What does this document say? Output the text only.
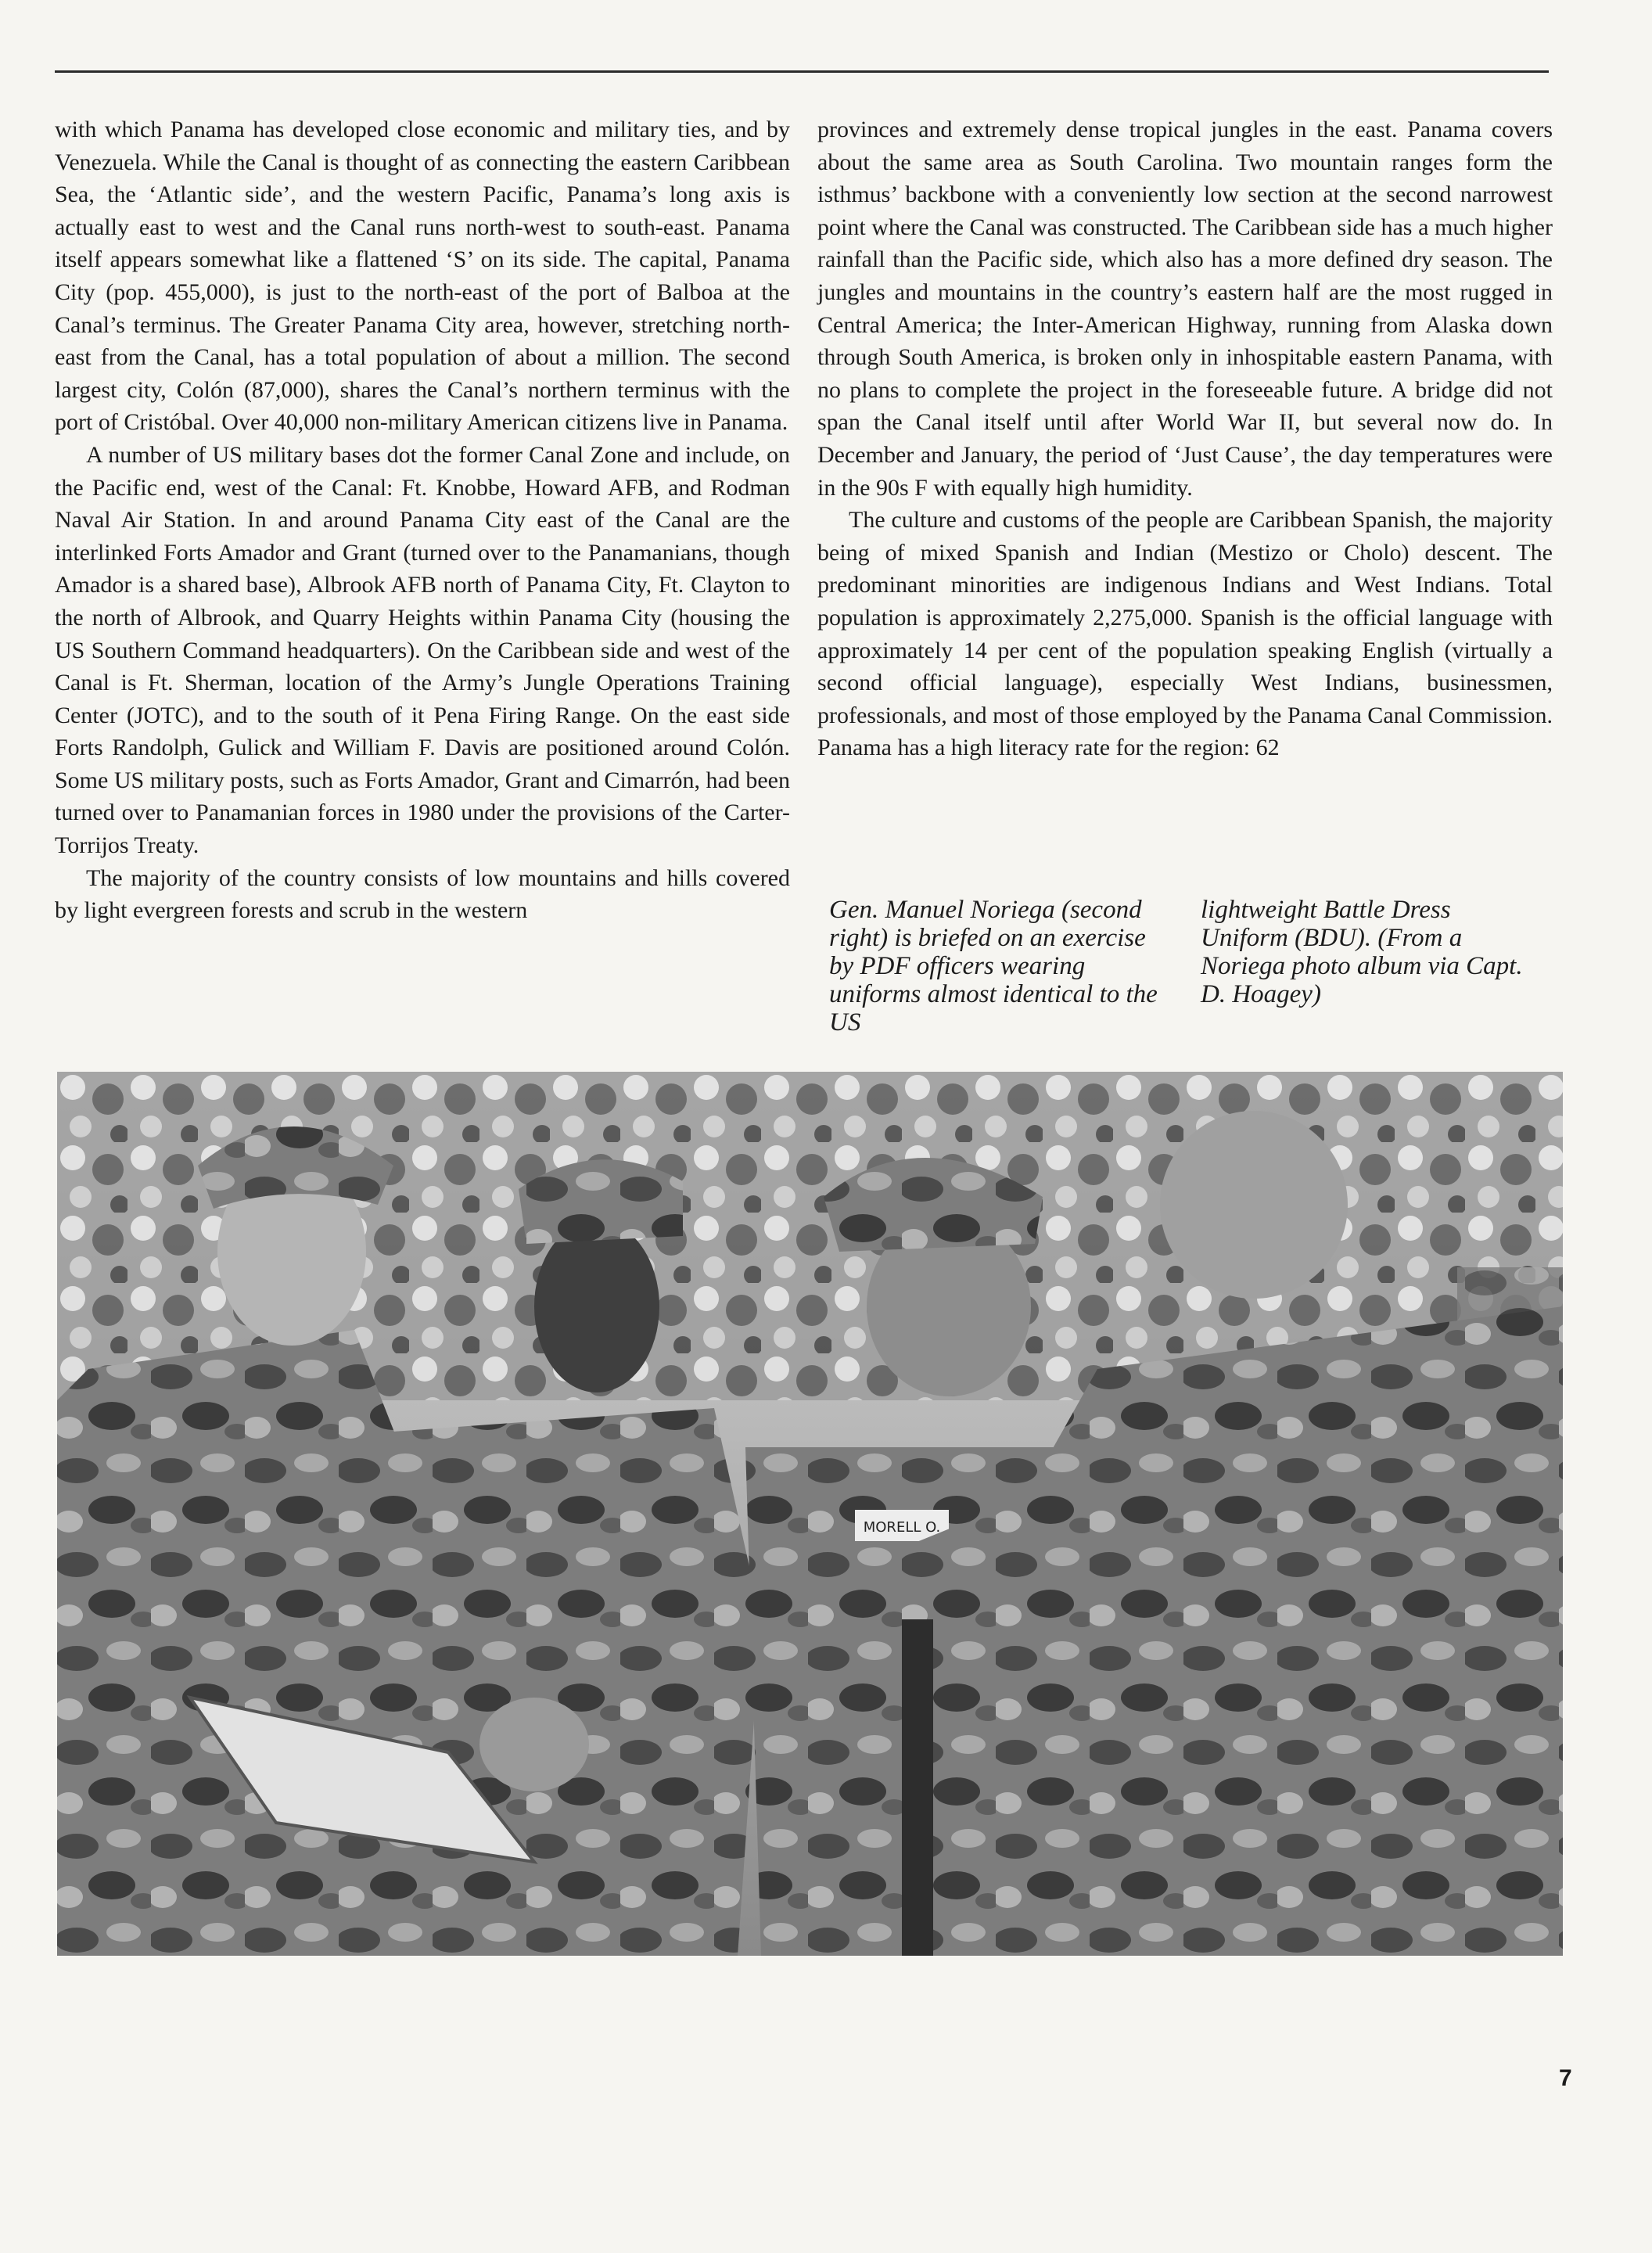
with which Panama has developed close economic and military ties, and by Venezuela. While the Canal is thought of as connecting the eastern Caribbean Sea, the ‘Atlantic side’, and the western Pacific, Panama’s long axis is actually east to west and the Canal runs north-west to south-east. Panama itself appears somewhat like a flattened ‘S’ on its side. The capital, Panama City (pop. 455,000), is just to the north-east of the port of Balboa at the Canal’s terminus. The Greater Panama City area, however, stretching north-east from the Canal, has a total population of about a million. The second largest city, Colón (87,000), shares the Canal’s northern terminus with the port of Cristóbal. Over 40,000 non-military American citizens live in Panama.

A number of US military bases dot the former Canal Zone and include, on the Pacific end, west of the Canal: Ft. Knobbe, Howard AFB, and Rodman Naval Air Station. In and around Panama City east of the Canal are the interlinked Forts Amador and Grant (turned over to the Panamanians, though Amador is a shared base), Albrook AFB north of Panama City, Ft. Clayton to the north of Albrook, and Quarry Heights within Panama City (housing the US Southern Command headquarters). On the Caribbean side and west of the Canal is Ft. Sherman, location of the Army’s Jungle Operations Training Center (JOTC), and to the south of it Pena Firing Range. On the east side Forts Randolph, Gulick and William F. Davis are positioned around Colón. Some US military posts, such as Forts Amador, Grant and Cimarrón, had been turned over to Panamanian forces in 1980 under the provisions of the Carter-Torrijos Treaty.

The majority of the country consists of low mountains and hills covered by light evergreen forests and scrub in the western

provinces and extremely dense tropical jungles in the east. Panama covers about the same area as South Carolina. Two mountain ranges form the isthmus’ backbone with a conveniently low section at the second narrowest point where the Canal was constructed. The Caribbean side has a much higher rainfall than the Pacific side, which also has a more defined dry season. The jungles and mountains in the country’s eastern half are the most rugged in Central America; the Inter-American Highway, running from Alaska down through South America, is broken only in inhospitable eastern Panama, with no plans to complete the project in the foreseeable future. A bridge did not span the Canal itself until after World War II, but several now do. In December and January, the period of ‘Just Cause’, the day temperatures were in the 90s F with equally high humidity.

The culture and customs of the people are Caribbean Spanish, the majority being of mixed Spanish and Indian (Mestizo or Cholo) descent. The predominant minorities are indigenous Indians and West Indians. Total population is approximately 2,275,000. Spanish is the official language with approximately 14 per cent of the population speaking English (virtually a second official language), especially West Indians, businessmen, professionals, and most of those employed by the Panama Canal Commission. Panama has a high literacy rate for the region: 62

Gen. Manuel Noriega (second right) is briefed on an exercise by PDF officers wearing uniforms almost identical to the US

lightweight Battle Dress Uniform (BDU). (From a Noriega photo album via Capt. D. Hoagey)

MORELL O.
7
